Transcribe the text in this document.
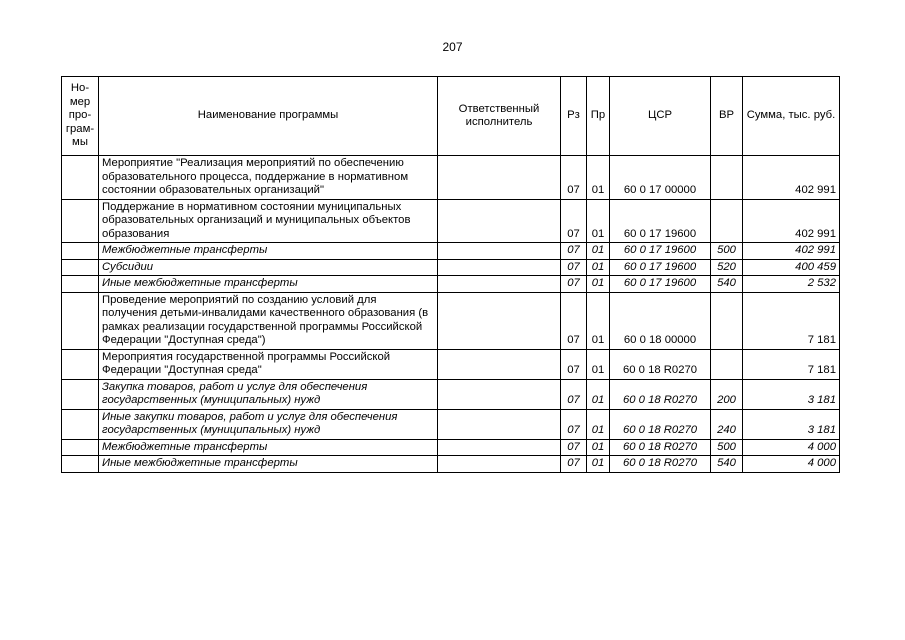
207
Но-мер про-грам-мы	Наименование программы	Ответственный исполнитель	Рз	Пр	ЦСР	ВР	Сумма, тыс. руб.
	Мероприятие "Реализация мероприятий по обеспечению образовательного процесса, поддержание в нормативном состоянии образовательных организаций"		07	01	60 0 17 00000		402 991
	Поддержание в нормативном состоянии муниципальных образовательных организаций и муниципальных объектов образования		07	01	60 0 17 19600		402 991
	Межбюджетные трансферты		07	01	60 0 17 19600	500	402 991
	Субсидии		07	01	60 0 17 19600	520	400 459
	Иные межбюджетные трансферты		07	01	60 0 17 19600	540	2 532
	Проведение мероприятий по созданию условий для получения детьми-инвалидами качественного образования (в рамках реализации государственной программы Российской Федерации "Доступная среда")		07	01	60 0 18 00000		7 181
	Мероприятия государственной программы Российской Федерации "Доступная среда"		07	01	60 0 18 R0270		7 181
	Закупка товаров, работ и услуг для обеспечения государственных (муниципальных) нужд		07	01	60 0 18 R0270	200	3 181
	Иные закупки товаров, работ и услуг для обеспечения государственных (муниципальных) нужд		07	01	60 0 18 R0270	240	3 181
	Межбюджетные трансферты		07	01	60 0 18 R0270	500	4 000
	Иные межбюджетные трансферты		07	01	60 0 18 R0270	540	4 000
